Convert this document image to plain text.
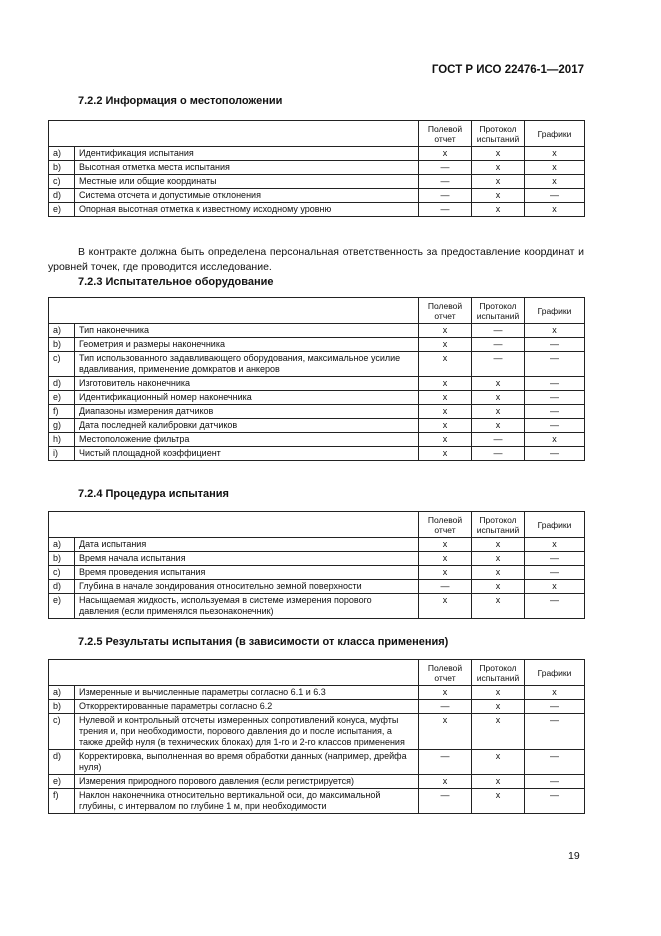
ГОСТ Р ИСО 22476-1—2017
7.2.2 Информация о местоположении
		Полевой отчет	Протокол испытаний	Графики
a)	Идентификация испытания	x	x	x
b)	Высотная отметка места испытания	—	x	x
c)	Местные или общие координаты	—	x	x
d)	Система отсчета и допустимые отклонения	—	x	—
e)	Опорная высотная отметка к известному исходному уровню	—	x	x
В контракте должна быть определена персональная ответственность за предоставление координат и уровней точек, где проводится исследование.
7.2.3 Испытательное оборудование
		Полевой отчет	Протокол испытаний	Графики
a)	Тип наконечника	x	—	x
b)	Геометрия и размеры наконечника	x	—	—
c)	Тип использованного задавливающего оборудования, максимальное усилие вдавливания, применение домкратов и анкеров	x	—	—
d)	Изготовитель наконечника	x	x	—
e)	Идентификационный номер наконечника	x	x	—
f)	Диапазоны измерения датчиков	x	x	—
g)	Дата последней калибровки датчиков	x	x	—
h)	Местоположение фильтра	x	—	x
i)	Чистый площадной коэффициент	x	—	—
7.2.4 Процедура испытания
		Полевой отчет	Протокол испытаний	Графики
a)	Дата испытания	x	x	x
b)	Время начала испытания	x	x	—
c)	Время проведения испытания	x	x	—
d)	Глубина в начале зондирования относительно земной поверхности	—	x	x
e)	Насыщаемая жидкость, используемая в системе измерения порового давления (если применялся пьезонаконечник)	x	x	—
7.2.5 Результаты испытания (в зависимости от класса применения)
		Полевой отчет	Протокол испытаний	Графики
a)	Измеренные и вычисленные параметры согласно 6.1 и 6.3	x	x	x
b)	Откорректированные параметры согласно 6.2	—	x	—
c)	Нулевой и контрольный отсчеты измеренных сопротивлений конуса, муфты трения и, при необходимости, порового давления до и после испытания, а также дрейф нуля (в технических блоках) для 1-го и 2-го классов применения	x	x	—
d)	Корректировка, выполненная во время обработки данных (например, дрейфа нуля)	—	x	—
e)	Измерения природного порового давления (если регистрируется)	x	x	—
f)	Наклон наконечника относительно вертикальной оси, до максимальной глубины, с интервалом по глубине 1 м, при необходимости	—	x	—
19
